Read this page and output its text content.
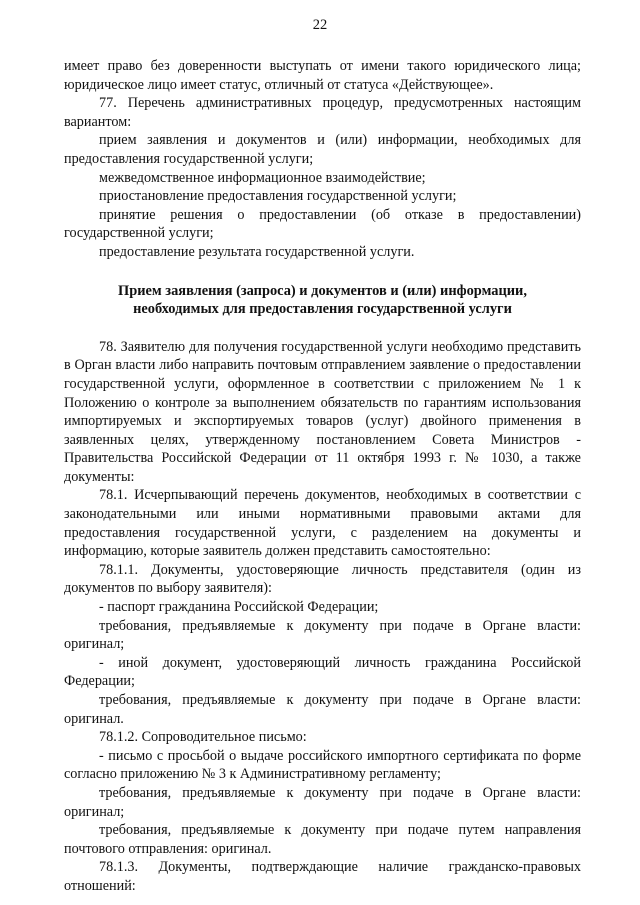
22

имеет право без доверенности выступать от имени такого юридического лица; юридическое лицо имеет статус, отличный от статуса «Действующее».

77. Перечень административных процедур, предусмотренных настоящим вариантом:

прием заявления и документов и (или) информации, необходимых для предоставления государственной услуги;

межведомственное информационное взаимодействие;

приостановление предоставления государственной услуги;

принятие решения о предоставлении (об отказе в предоставлении) государственной услуги;

предоставление результата государственной услуги.

Прием заявления (запроса) и документов и (или) информации,
необходимых для предоставления государственной услуги

78. Заявителю для получения государственной услуги необходимо представить в Орган власти либо направить почтовым отправлением заявление о предоставлении государственной услуги, оформленное в соответствии с приложением № 1 к Положению о контроле за выполнением обязательств по гарантиям использования импортируемых и экспортируемых товаров (услуг) двойного применения в заявленных целях, утвержденному постановлением Совета Министров - Правительства Российской Федерации от 11 октября 1993 г. № 1030, а также документы:

78.1. Исчерпывающий перечень документов, необходимых в соответствии с законодательными или иными нормативными правовыми актами для предоставления государственной услуги, с разделением на документы и информацию, которые заявитель должен представить самостоятельно:

78.1.1. Документы, удостоверяющие личность представителя (один из документов по выбору заявителя):

- паспорт гражданина Российской Федерации;

требования, предъявляемые к документу при подаче в Органе власти: оригинал;

- иной документ, удостоверяющий личность гражданина Российской Федерации;

требования, предъявляемые к документу при подаче в Органе власти: оригинал.

78.1.2. Сопроводительное письмо:

- письмо с просьбой о выдаче российского импортного сертификата по форме согласно приложению № 3 к Административному регламенту;

требования, предъявляемые к документу при подаче в Органе власти: оригинал;

требования, предъявляемые к документу при подаче путем направления почтового отправления: оригинал.

78.1.3. Документы, подтверждающие наличие гражданско-правовых отношений:
